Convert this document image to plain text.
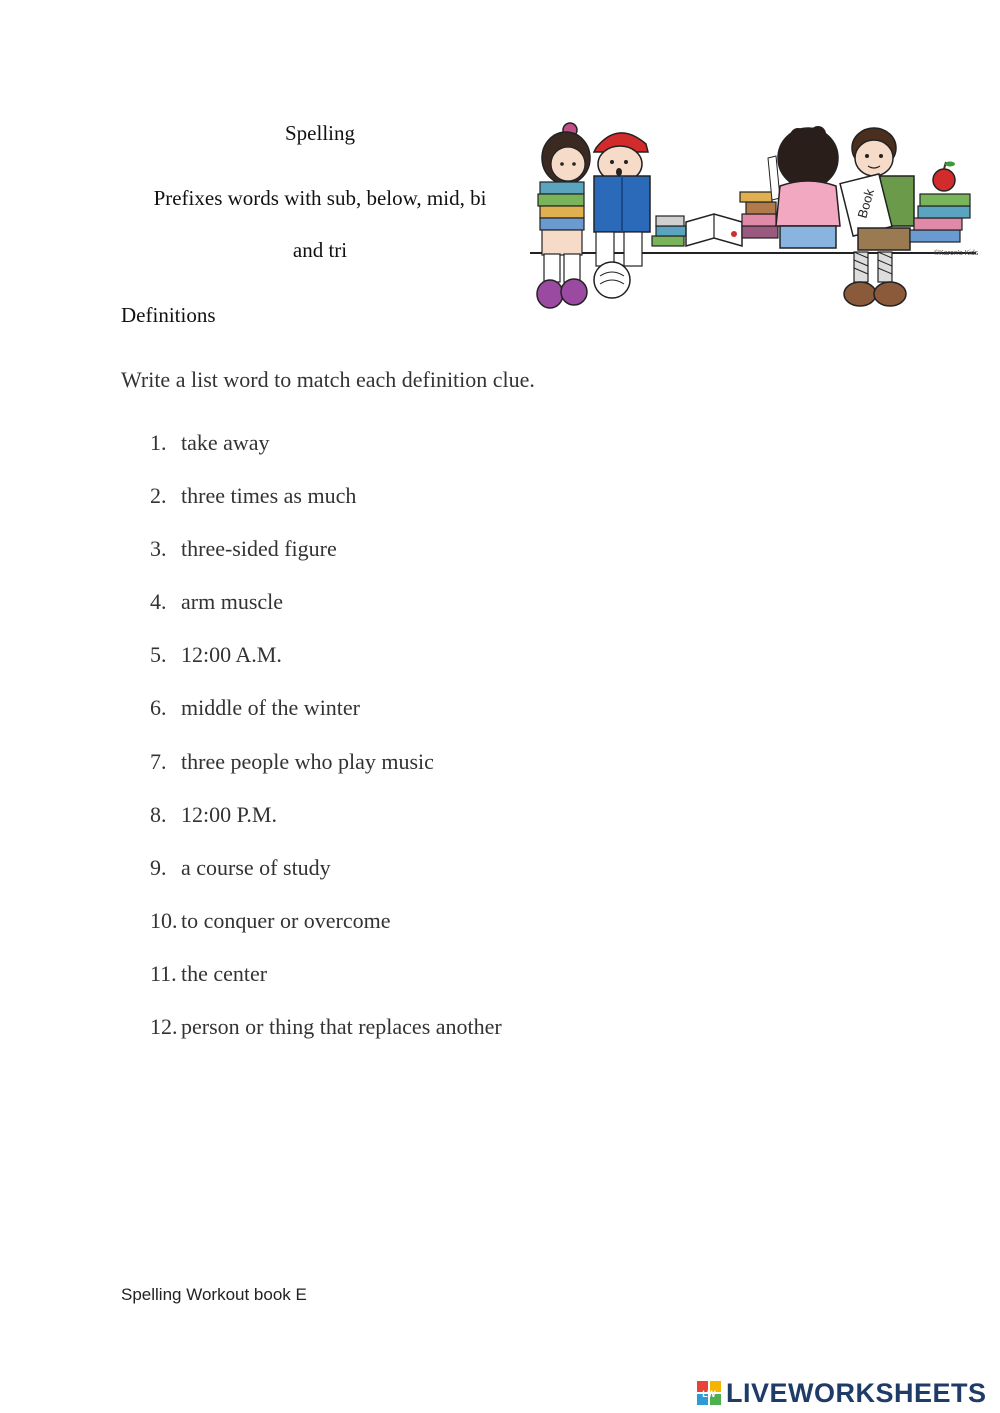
Spelling
Prefixes words with sub, below, mid, bi
and tri
Definitions
Write a list word to match each definition clue.
1. take away
2. three times as much
3. three-sided figure
4. arm muscle
5. 12:00 A.M.
6. middle of the winter
7. three people who play music
8. 12:00 P.M.
9. a course of study
10. to conquer or overcome
11. the center
12. person or thing that replaces another
Book
©Karen's Kids
Spelling Workout book E
LW LIVEWORKSHEETS
